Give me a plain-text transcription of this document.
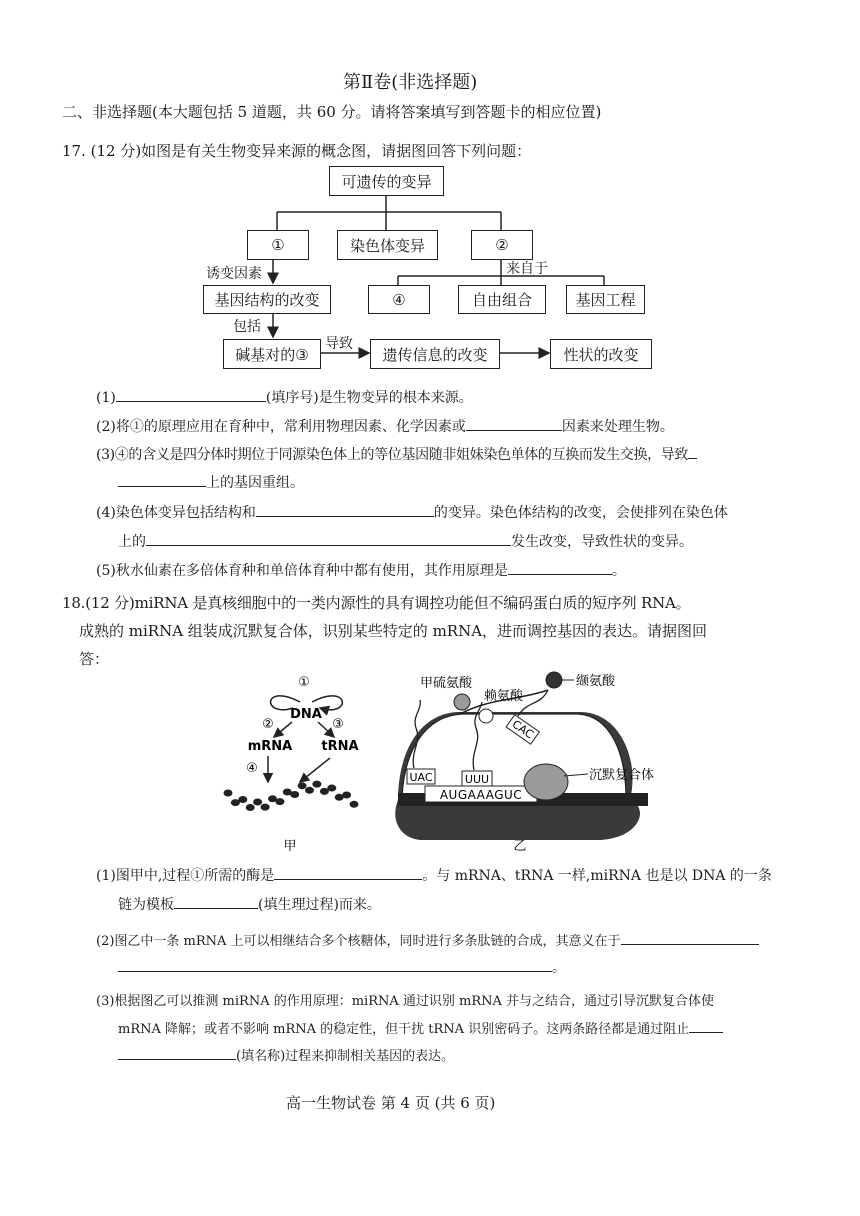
第Ⅱ卷(非选择题)
二、非选择题(本大题包括 5 道题，共 60 分。请将答案填写到答题卡的相应位置)
17. (12 分)如图是有关生物变异来源的概念图，请据图回答下列问题：
可遗传的变异
①	染色体变异	②
基因结构的改变	④	自由组合	基因工程
碱基对的③	遗传信息的改变	性状的改变
诱变因素	来自于
包括
导致
(1)	(填序号)是生物变异的根本来源。
(2)将①的原理应用在育种中，常利用物理因素、化学因素或	因素来处理生物。
(3)④的含义是四分体时期位于同源染色体上的等位基因随非姐妹染色单体的互换而发生交换，导致
上的基因重组。
(4)染色体变异包括结构和	的变异。染色体结构的改变，会使排列在染色体
上的	发生改变，导致性状的变异。
(5)秋水仙素在多倍体育种和单倍体育种中都有使用，其作用原理是	。
18.(12 分)miRNA 是真核细胞中的一类内源性的具有调控功能但不编码蛋白质的短序列 RNA。
成熟的 miRNA 组装成沉默复合体，识别某些特定的 mRNA，进而调控基因的表达。请据图回
答：
①
DNA
②	③
mRNA tRNA
④
甲
AUGAAAGUC
UAC	UUU
CAC
甲硫氨酸
赖氨酸
缬氨酸
沉默复合体
乙
(1)图甲中,过程①所需的酶是	。与 mRNA、tRNA 一样,miRNA 也是以 DNA 的一条
链为模板	(填生理过程)而来。
(2)图乙中一条 mRNA 上可以相继结合多个核糖体，同时进行多条肽链的合成，其意义在于
。
(3)根据图乙可以推测 miRNA 的作用原理：miRNA 通过识别 mRNA 并与之结合，通过引导沉默复合体使
mRNA 降解；或者不影响 mRNA 的稳定性，但干扰 tRNA 识别密码子。这两条路径都是通过阻止
(填名称)过程来抑制相关基因的表达。
高一生物试卷 第 4 页 (共 6 页)
